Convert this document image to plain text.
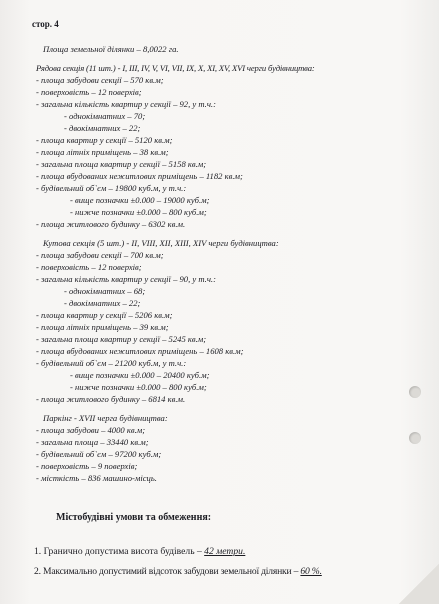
стор. 4

Площа земельної ділянки – 8,0022 га.
Рядова секція (11 шт.) - І, ІІІ, ІV, V, VІ, VІІ, ІХ, Х, ХІ, ХV, ХVІ черги будівництва:
- площа забудови секції – 570 кв.м;
- поверховість – 12 поверхів;
- загальна кількість квартир у секції – 92, у т.ч.:
- однокімнатних – 70;
- двокімнатних – 22;
- площа квартир у секції – 5120 кв.м;
- площа літніх приміщень – 38 кв.м;
- загальна площа квартир у секції – 5158 кв.м;
- площа вбудованих нежитлових приміщень – 1182 кв.м;
- будівельний об`єм – 19800 куб.м, у т.ч.:
- вище позначки ±0.000 – 19000 куб.м;
- нижче позначки ±0.000 – 800 куб.м;
- площа житлового будинку – 6302 кв.м.
Кутова секція (5 шт.) - ІІ, VІІІ, ХІІ, ХІІІ, ХІV черги будівництва:
- площа забудови секції – 700 кв.м;
- поверховість – 12 поверхів;
- загальна кількість квартир у секції – 90, у т.ч.:
- однокімнатних – 68;
- двокімнатних – 22;
- площа квартир у секції – 5206 кв.м;
- площа літніх приміщень – 39 кв.м;
- загальна площа квартир у секції – 5245 кв.м;
- площа вбудованих нежитлових приміщень – 1608 кв.м;
- будівельний об`єм – 21200 куб.м, у т.ч.:
- вище позначки ±0.000 – 20400 куб.м;
- нижче позначки ±0.000 – 800 куб.м;
- площа житлового будинку – 6814 кв.м.
Паркінг - ХVІІ черга будівництва:
- площа забудови – 4000 кв.м;
- загальна площа – 33440 кв.м;
- будівельний об`єм – 97200 куб.м;
- поверховість – 9 поверхів;
- місткість – 836 машино-місць.
Містобудівні умови та обмеження:
1. Гранично допустима висота будівель – 42 метри.
2. Максимально допустимий відсоток забудови земельної ділянки – 60 %.
